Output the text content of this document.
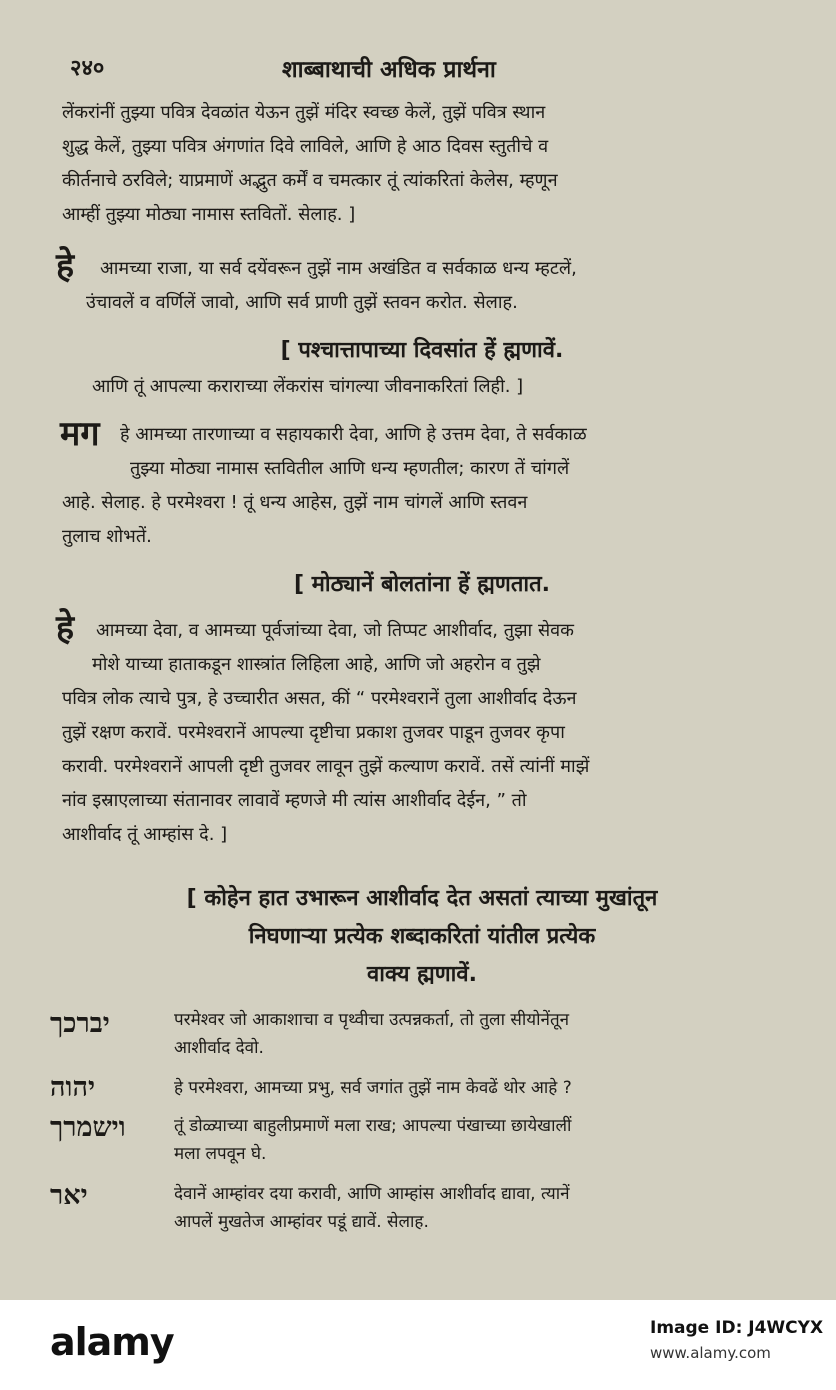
२४०	शाब्बाथाची अधिक प्रार्थना
लेंकरांनीं तुझ्या पवित्र देवळांत येऊन तुझें मंदिर स्वच्छ केलें, तुझें पवित्र स्थान
शुद्ध केलें, तुझ्या पवित्र अंगणांत दिवे लाविले, आणि हे आठ दिवस स्तुतीचे व
कीर्तनाचे ठरविले; याप्रमाणें अद्भुत कर्में व चमत्कार तूं त्यांकरितां केलेस, म्हणून
आम्हीं तुझ्या मोठ्या नामास स्तवितों. सेलाह. ]
हे	आमच्या राजा, या सर्व दयेंवरून तुझें नाम अखंडित व सर्वकाळ धन्य म्हटलें,
उंचावलें व वर्णिलें जावो, आणि सर्व प्राणी तुझें स्तवन करोत. सेलाह.
[ पश्चात्तापाच्या दिवसांत हें ह्मणावें.
आणि तूं आपल्या कराराच्या लेंकरांस चांगल्या जीवनाकरितां लिही. ]
मग	हे आमच्या तारणाच्या व सहायकारी देवा, आणि हे उत्तम देवा, ते सर्वकाळ
तुझ्या मोठ्या नामास स्तवितील आणि धन्य म्हणतील; कारण तें चांगलें
आहे. सेलाह. हे परमेश्वरा ! तूं धन्य आहेस, तुझें नाम चांगलें आणि स्तवन
तुलाच शोभतें.
[ मोठ्यानें बोलतांना हें ह्मणतात.
हे	आमच्या देवा, व आमच्या पूर्वजांच्या देवा, जो तिप्पट आशीर्वाद, तुझा सेवक
मोशे याच्या हाताकडून शास्त्रांत लिहिला आहे, आणि जो अहरोन व तुझे
पवित्र लोक त्याचे पुत्र, हे उच्चारीत असत, कीं “ परमेश्वरानें तुला आशीर्वाद देऊन
तुझें रक्षण करावें. परमेश्वरानें आपल्या दृष्टीचा प्रकाश तुजवर पाडून तुजवर कृपा
करावी. परमेश्वरानें आपली दृष्टी तुजवर लावून तुझें कल्याण करावें. तसें त्यांनीं माझें
नांव इस्राएलाच्या संतानावर लावावें म्हणजे मी त्यांस आशीर्वाद देईन, ” तो
आशीर्वाद तूं आम्हांस दे. ]
[ कोहेन हात उभारून आशीर्वाद देत असतां त्याच्या मुखांतून
निघणाऱ्या प्रत्येक शब्दाकरितां यांतील प्रत्येक
वाक्य ह्मणावें.
יברכך	परमेश्वर जो आकाशाचा व पृथ्वीचा उत्पन्नकर्ता, तो तुला सीयोनेंतून
आशीर्वाद देवो.
יהוה	हे परमेश्वरा, आमच्या प्रभु, सर्व जगांत तुझें नाम केवढें थोर आहे ?
וישמרך	तूं डोळ्याच्या बाहुलीप्रमाणें मला राख; आपल्या पंखाच्या छायेखालीं
मला लपवून घे.
יאר	देवानें आम्हांवर दया करावी, आणि आम्हांस आशीर्वाद द्यावा, त्यानें
आपलें मुखतेज आम्हांवर पडूं द्यावें. सेलाह.
alamy	Image ID: J4WCYX
www.alamy.com
